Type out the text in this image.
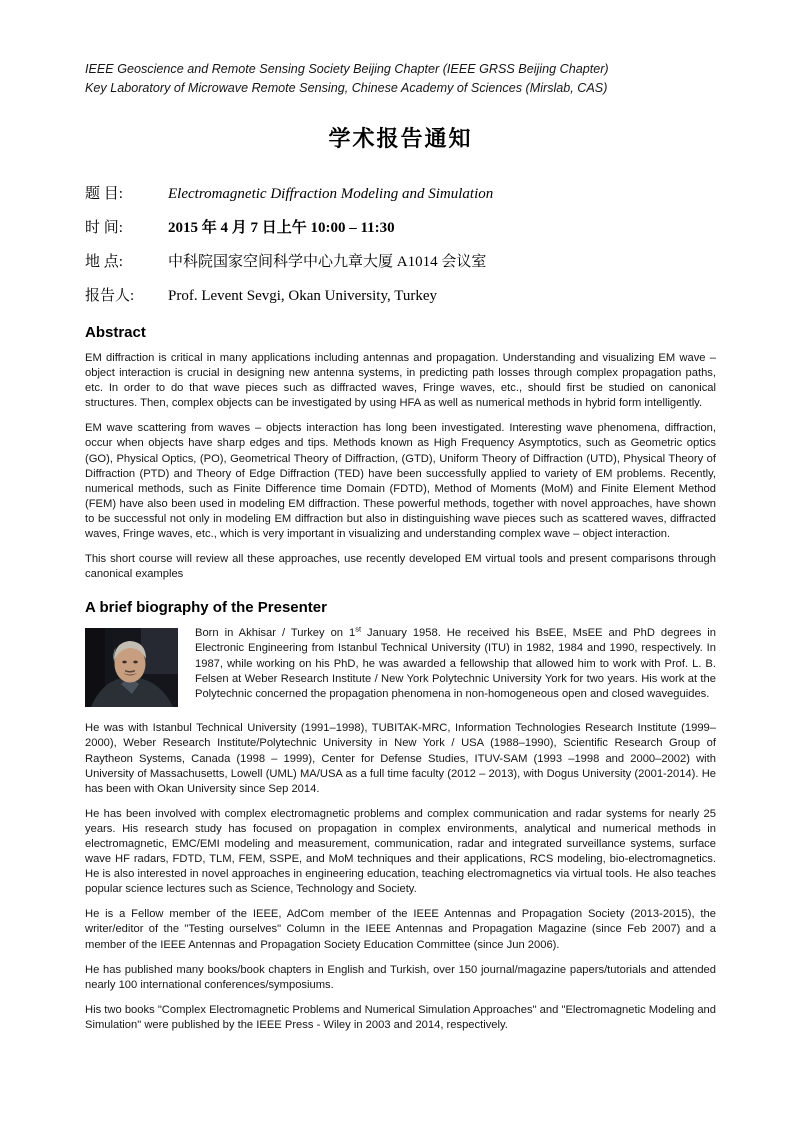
IEEE Geoscience and Remote Sensing Society Beijing Chapter (IEEE GRSS Beijing Chapter)

Key Laboratory of Microwave Remote Sensing, Chinese Academy of Sciences (Mirslab, CAS)

学术报告通知
题 目:	Electromagnetic Diffraction Modeling and Simulation
时 间:	2015 年 4 月 7 日上午 10:00 – 11:30
地 点:	中科院国家空间科学中心九章大厦 A1014 会议室
报告人:	Prof. Levent Sevgi, Okan University, Turkey
Abstract

EM diffraction is critical in many applications including antennas and propagation. Understanding and visualizing EM wave – object interaction is crucial in designing new antenna systems, in predicting path losses through complex propagation paths, etc. In order to do that wave pieces such as diffracted waves, Fringe waves, etc., should first be studied on canonical structures. Then, complex objects can be investigated by using HFA as well as numerical methods in hybrid form intelligently.

EM wave scattering from waves – objects interaction has long been investigated. Interesting wave phenomena, diffraction, occur when objects have sharp edges and tips. Methods known as High Frequency Asymptotics, such as Geometric optics (GO), Physical Optics, (PO), Geometrical Theory of Diffraction, (GTD), Uniform Theory of Diffraction (UTD), Physical Theory of Diffraction (PTD) and Theory of Edge Diffraction (TED) have been successfully applied to variety of EM problems. Recently, numerical methods, such as Finite Difference time Domain (FDTD), Method of Moments (MoM) and Finite Element Method (FEM) have also been used in modeling EM diffraction. These powerful methods, together with novel approaches, have shown to be successful not only in modeling EM diffraction but also in distinguishing wave pieces such as scattered waves, diffracted waves, Fringe waves, etc., which is very important in visualizing and understanding complex wave – object interaction.

This short course will review all these approaches, use recently developed EM virtual tools and present comparisons through canonical examples

A brief biography of the Presenter

Born in Akhisar / Turkey on 1st January 1958. He received his BsEE, MsEE and PhD degrees in Electronic Engineering from Istanbul Technical University (ITU) in 1982, 1984 and 1990, respectively. In 1987, while working on his PhD, he was awarded a fellowship that allowed him to work with Prof. L. B. Felsen at Weber Research Institute / New York Polytechnic University York for two years. His work at the Polytechnic concerned the propagation phenomena in non-homogeneous open and closed waveguides.

He was with Istanbul Technical University (1991–1998), TUBITAK-MRC, Information Technologies Research Institute (1999–2000), Weber Research Institute/Polytechnic University in New York / USA (1988–1990), Scientific Research Group of Raytheon Systems, Canada (1998 – 1999), Center for Defense Studies, ITUV-SAM (1993 –1998 and 2000–2002) with University of Massachusetts, Lowell (UML) MA/USA as a full time faculty (2012 – 2013), with Dogus University (2001-2014). He has been with Okan University since Sep 2014.

He has been involved with complex electromagnetic problems and complex communication and radar systems for nearly 25 years. His research study has focused on propagation in complex environments, analytical and numerical methods in electromagnetic, EMC/EMI modeling and measurement, communication, radar and integrated surveillance systems, surface wave HF radars, FDTD, TLM, FEM, SSPE, and MoM techniques and their applications, RCS modeling, bio-electromagnetics. He is also interested in novel approaches in engineering education, teaching electromagnetics via virtual tools. He also teaches popular science lectures such as Science, Technology and Society.

He is a Fellow member of the IEEE, AdCom member of the IEEE Antennas and Propagation Society (2013-2015), the writer/editor of the "Testing ourselves" Column in the IEEE Antennas and Propagation Magazine (since Feb 2007) and a member of the IEEE Antennas and Propagation Society Education Committee (since Jun 2006).

He has published many books/book chapters in English and Turkish, over 150 journal/magazine papers/tutorials and attended nearly 100 international conferences/symposiums.

His two books "Complex Electromagnetic Problems and Numerical Simulation Approaches" and "Electromagnetic Modeling and Simulation" were published by the IEEE Press - Wiley in 2003 and 2014, respectively.
